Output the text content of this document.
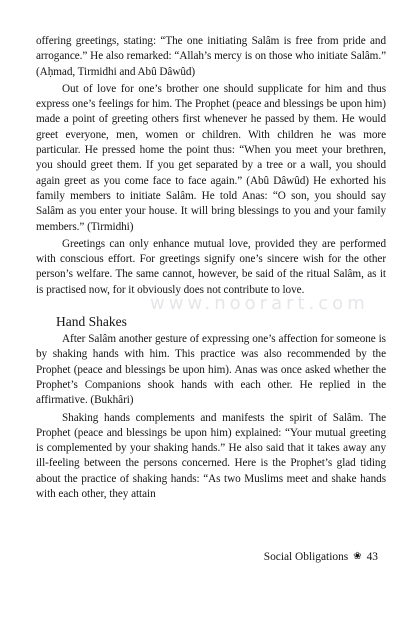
www.noorart.com

offering greetings, stating: “The one initiating Salâm is free from pride and arrogance.” He also remarked: “Allah’s mercy is on those who initiate Salâm.” (Aḥmad, Tirmidhi and Abû Dâwûd)

Out of love for one’s brother one should supplicate for him and thus express one’s feelings for him. The Prophet (peace and blessings be upon him) made a point of greeting others first whenever he passed by them. He would greet everyone, men, women or children. With children he was more particular. He pressed home the point thus: “When you meet your brethren, you should greet them. If you get separated by a tree or a wall, you should again greet as you come face to face again.” (Abû Dâwûd) He exhorted his family members to initiate Salâm. He told Anas: “O son, you should say Salâm as you enter your house. It will bring blessings to you and your family members.” (Tirmidhi)

Greetings can only enhance mutual love, provided they are performed with conscious effort. For greetings signify one’s sincere wish for the other person’s welfare. The same cannot, however, be said of the ritual Salâm, as it is practised now, for it obviously does not contribute to love.

Hand Shakes

After Salâm another gesture of expressing one’s affection for someone is by shaking hands with him. This practice was also recommended by the Prophet (peace and blessings be upon him). Anas was once asked whether the Prophet’s Companions shook hands with each other. He replied in the affirmative. (Bukhâri)

Shaking hands complements and manifests the spirit of Salâm. The Prophet (peace and blessings be upon him) explained: “Your mutual greeting is complemented by your shaking hands.” He also said that it takes away any ill-feeling between the persons concerned. Here is the Prophet’s glad tiding about the practice of shaking hands: “As two Muslims meet and shake hands with each other, they attain

Social Obligations ❀ 43
